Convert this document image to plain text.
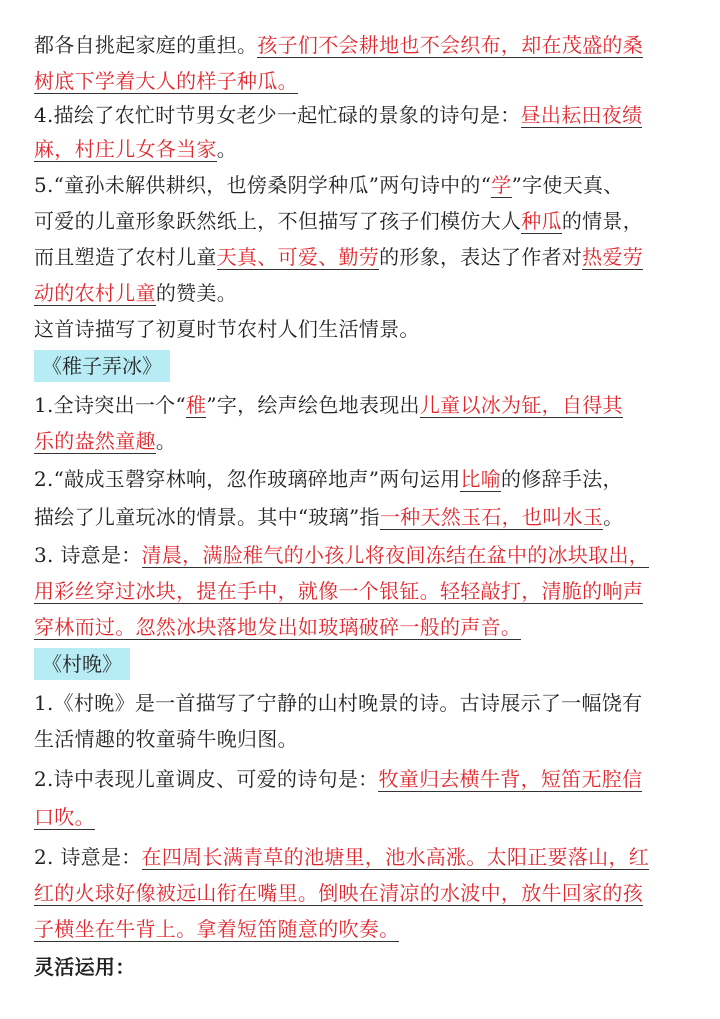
都各自挑起家庭的重担。孩子们不会耕地也不会织布，却在茂盛的桑
树底下学着大人的样子种瓜。
4.描绘了农忙时节男女老少一起忙碌的景象的诗句是：昼出耘田夜绩
麻，村庄儿女各当家。
5.“童孙未解供耕织，也傍桑阴学种瓜”两句诗中的“学”字使天真、
可爱的儿童形象跃然纸上，不但描写了孩子们模仿大人种瓜的情景，
而且塑造了农村儿童天真、可爱、勤劳的形象，表达了作者对热爱劳
动的农村儿童的赞美。
这首诗描写了初夏时节农村人们生活情景。
《稚子弄冰》
1.全诗突出一个“稚”字，绘声绘色地表现出儿童以冰为钲，自得其
乐的盎然童趣。
2.“敲成玉磬穿林响，忽作玻璃碎地声”两句运用比喻的修辞手法，
描绘了儿童玩冰的情景。其中“玻璃”指一种天然玉石，也叫水玉。
3. 诗意是：清晨，满脸稚气的小孩儿将夜间冻结在盆中的冰块取出，
用彩丝穿过冰块，提在手中，就像一个银钲。轻轻敲打，清脆的响声
穿林而过。忽然冰块落地发出如玻璃破碎一般的声音。
《村晚》
1.《村晚》是一首描写了宁静的山村晚景的诗。古诗展示了一幅饶有
生活情趣的牧童骑牛晚归图。
2.诗中表现儿童调皮、可爱的诗句是：牧童归去横牛背，短笛无腔信
口吹。
2. 诗意是：在四周长满青草的池塘里，池水高涨。太阳正要落山，红
红的火球好像被远山衔在嘴里。倒映在清凉的水波中，放牛回家的孩
子横坐在牛背上。拿着短笛随意的吹奏。
灵活运用：
